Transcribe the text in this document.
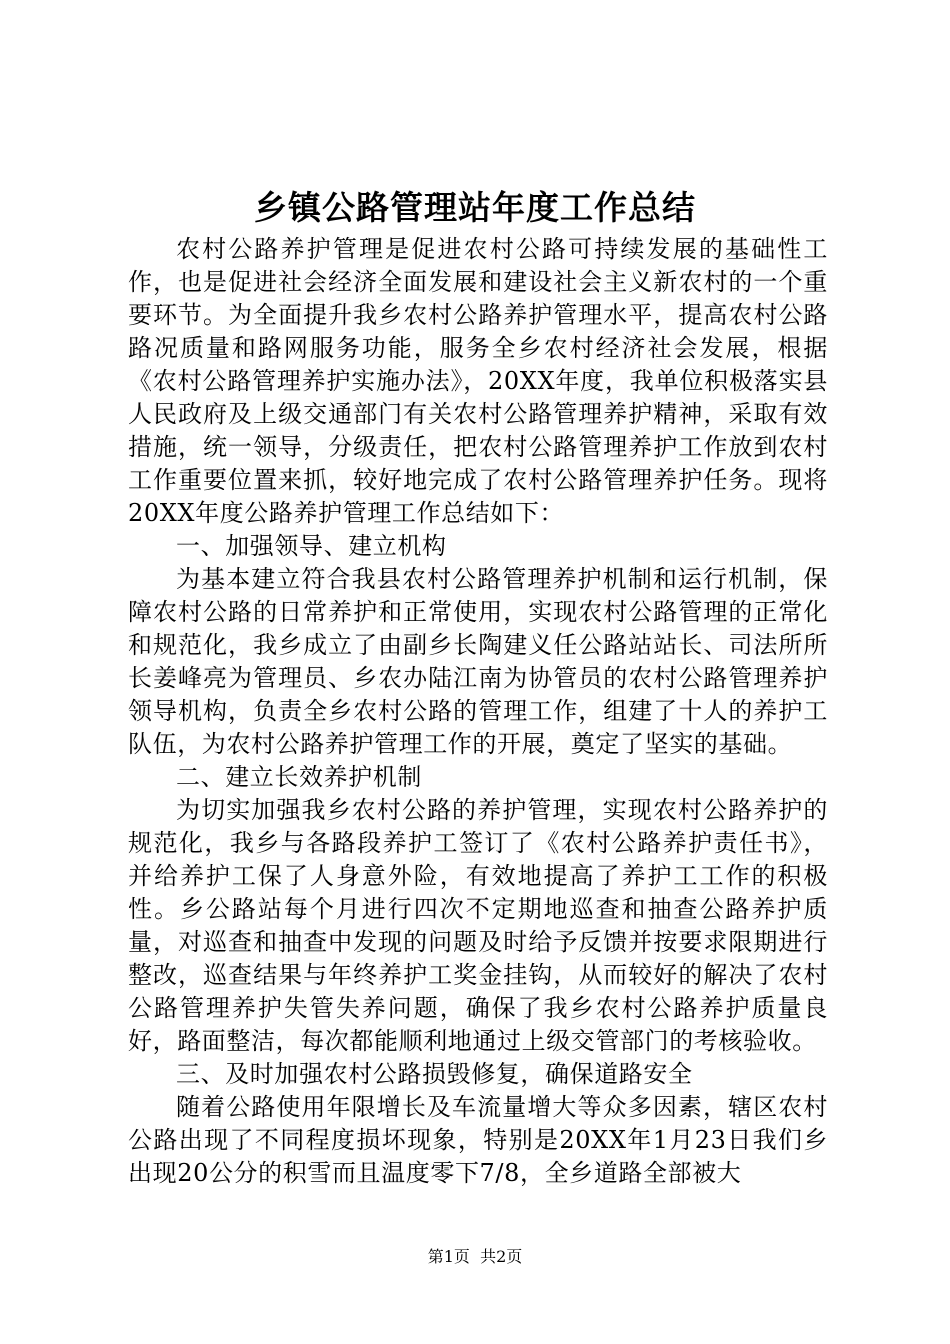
乡镇公路管理站年度工作总结

农村公路养护管理是促进农村公路可持续发展的基础性工作，也是促进社会经济全面发展和建设社会主义新农村的一个重要环节。为全面提升我乡农村公路养护管理水平，提高农村公路路况质量和路网服务功能，服务全乡农村经济社会发展，根据《农村公路管理养护实施办法》，20XX年度，我单位积极落实县人民政府及上级交通部门有关农村公路管理养护精神，采取有效措施，统一领导，分级责任，把农村公路管理养护工作放到农村工作重要位置来抓，较好地完成了农村公路管理养护任务。现将20XX年度公路养护管理工作总结如下：

一、加强领导、建立机构

为基本建立符合我县农村公路管理养护机制和运行机制，保障农村公路的日常养护和正常使用，实现农村公路管理的正常化和规范化，我乡成立了由副乡长陶建义任公路站站长、司法所所长姜峰亮为管理员、乡农办陆江南为协管员的农村公路管理养护领导机构，负责全乡农村公路的管理工作，组建了十人的养护工队伍，为农村公路养护管理工作的开展，奠定了坚实的基础。

二、建立长效养护机制

为切实加强我乡农村公路的养护管理，实现农村公路养护的规范化，我乡与各路段养护工签订了《农村公路养护责任书》，并给养护工保了人身意外险，有效地提高了养护工工作的积极性。乡公路站每个月进行四次不定期地巡查和抽查公路养护质量，对巡查和抽查中发现的问题及时给予反馈并按要求限期进行整改，巡查结果与年终养护工奖金挂钩，从而较好的解决了农村公路管理养护失管失养问题，确保了我乡农村公路养护质量良好，路面整洁，每次都能顺利地通过上级交管部门的考核验收。

三、及时加强农村公路损毁修复，确保道路安全

随着公路使用年限增长及车流量增大等众多因素，辖区农村公路出现了不同程度损坏现象，特别是20XX年1月23日我们乡出现20公分的积雪而且温度零下7/8，全乡道路全部被大

第1页 共2页
